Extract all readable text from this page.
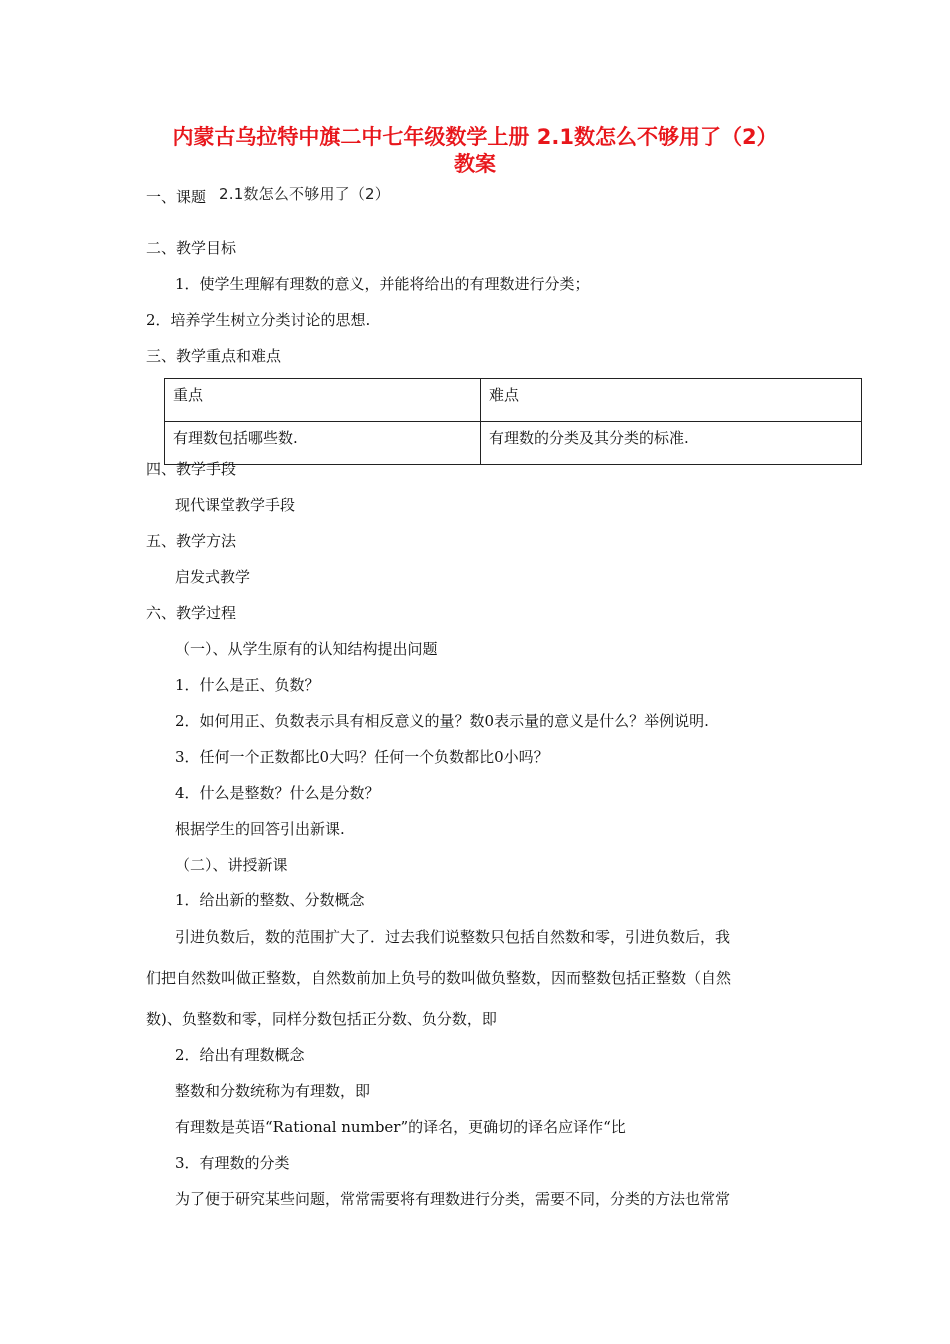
内蒙古乌拉特中旗二中七年级数学上册 2.1数怎么不够用了（2）
教案
一、课题 2.1数怎么不够用了（2）
二、教学目标
1．使学生理解有理数的意义，并能将给出的有理数进行分类；
2．培养学生树立分类讨论的思想.
三、教学重点和难点
重点	难点
有理数包括哪些数.	有理数的分类及其分类的标准.
四、教学手段
现代课堂教学手段
五、教学方法
启发式教学
六、教学过程
（一）、从学生原有的认知结构提出问题
1．什么是正、负数？
2．如何用正、负数表示具有相反意义的量？数0表示量的意义是什么？举例说明.
3．任何一个正数都比0大吗？任何一个负数都比0小吗？
4．什么是整数？什么是分数？
根据学生的回答引出新课.
（二）、讲授新课
1．给出新的整数、分数概念
引进负数后，数的范围扩大了．过去我们说整数只包括自然数和零，引进负数后，我
们把自然数叫做正整数，自然数前加上负号的数叫做负整数，因而整数包括正整数（自然
数)、负整数和零，同样分数包括正分数、负分数，即
2．给出有理数概念
整数和分数统称为有理数，即
有理数是英语“Rational number”的译名，更确切的译名应译作“比
3．有理数的分类
为了便于研究某些问题，常常需要将有理数进行分类，需要不同，分类的方法也常常
